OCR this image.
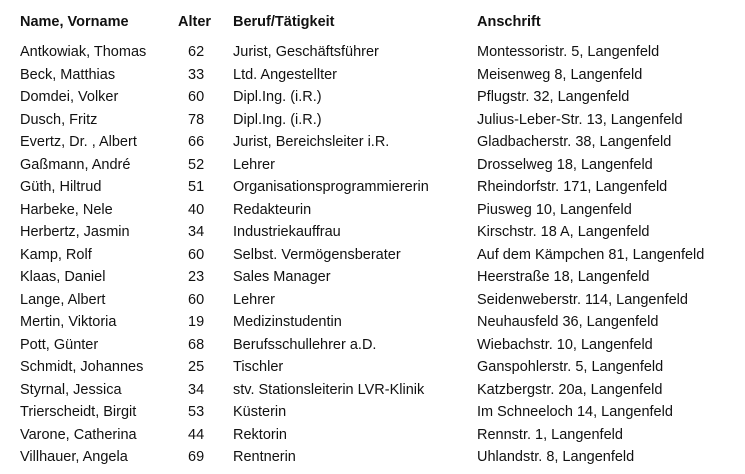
Name, Vorname	Alter	Beruf/Tätigkeit	Anschrift
Antkowiak, Thomas	62	Jurist, Geschäftsführer	Montessoristr. 5, Langenfeld
Beck, Matthias	33	Ltd. Angestellter	Meisenweg 8, Langenfeld
Domdei, Volker	60	Dipl.Ing. (i.R.)	Pflugstr. 32, Langenfeld
Dusch, Fritz	78	Dipl.Ing. (i.R.)	Julius-Leber-Str. 13, Langenfeld
Evertz, Dr. , Albert	66	Jurist, Bereichsleiter i.R.	Gladbacherstr. 38, Langenfeld
Gaßmann, André	52	Lehrer	Drosselweg 18, Langenfeld
Güth, Hiltrud	51	Organisationsprogrammiererin	Rheindorfstr. 171, Langenfeld
Harbeke, Nele	40	Redakteurin	Piusweg 10, Langenfeld
Herbertz, Jasmin	34	Industriekauffrau	Kirschstr. 18 A, Langenfeld
Kamp, Rolf	60	Selbst. Vermögensberater	Auf dem Kämpchen 81, Langenfeld
Klaas, Daniel	23	Sales Manager	Heerstraße 18, Langenfeld
Lange, Albert	60	Lehrer	Seidenweberstr. 114, Langenfeld
Mertin, Viktoria	19	Medizinstudentin	Neuhausfeld 36, Langenfeld
Pott, Günter	68	Berufsschullehrer a.D.	Wiebachstr. 10, Langenfeld
Schmidt, Johannes	25	Tischler	Ganspohlerstr. 5, Langenfeld
Styrnal, Jessica	34	stv. Stationsleiterin LVR-Klinik	Katzbergstr. 20a, Langenfeld
Trierscheidt, Birgit	53	Küsterin	Im Schneeloch 14, Langenfeld
Varone, Catherina	44	Rektorin	Rennstr. 1, Langenfeld
Villhauer, Angela	69	Rentnerin	Uhlandstr. 8, Langenfeld
